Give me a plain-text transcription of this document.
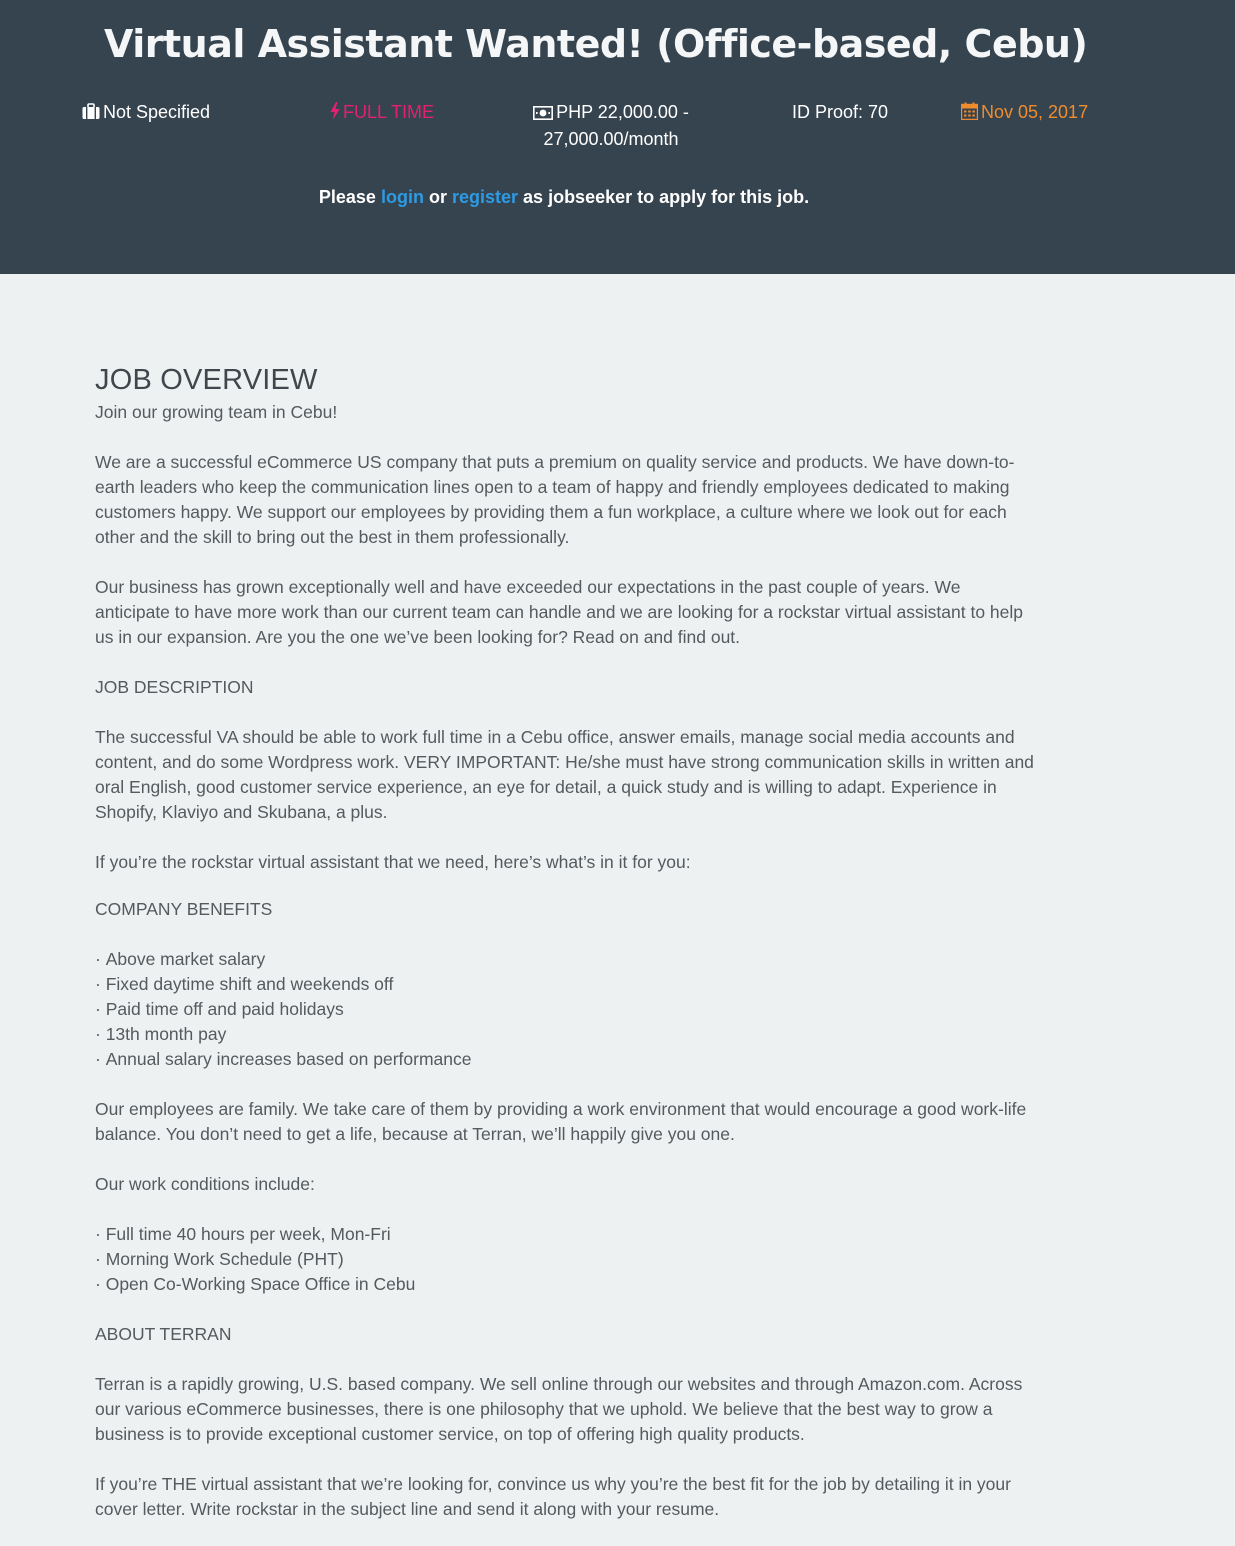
Virtual Assistant Wanted! (Office-based, Cebu)
Not Specified	FULL TIME	PHP 22,000.00 -
27,000.00/month
ID Proof: 70	Nov 05, 2017
Please login or register as jobseeker to apply for this job.
JOB OVERVIEW

Join our growing team in Cebu!

We are a successful eCommerce US company that puts a premium on quality service and products. We have down-to-earth leaders who keep the communication lines open to a team of happy and friendly employees dedicated to making customers happy. We support our employees by providing them a fun workplace, a culture where we look out for each other and the skill to bring out the best in them professionally.

Our business has grown exceptionally well and have exceeded our expectations in the past couple of years. We anticipate to have more work than our current team can handle and we are looking for a rockstar virtual assistant to help us in our expansion. Are you the one we’ve been looking for? Read on and find out.

JOB DESCRIPTION

The successful VA should be able to work full time in a Cebu office, answer emails, manage social media accounts and content, and do some Wordpress work. VERY IMPORTANT: He/she must have strong communication skills in written and oral English, good customer service experience, an eye for detail, a quick study and is willing to adapt. Experience in Shopify, Klaviyo and Skubana, a plus.

If you’re the rockstar virtual assistant that we need, here’s what’s in it for you:

COMPANY BENEFITS

· Above market salary
· Fixed daytime shift and weekends off
· Paid time off and paid holidays
· 13th month pay
· Annual salary increases based on performance

Our employees are family. We take care of them by providing a work environment that would encourage a good work-life balance. You don’t need to get a life, because at Terran, we’ll happily give you one.

Our work conditions include:

· Full time 40 hours per week, Mon-Fri
· Morning Work Schedule (PHT)
· Open Co-Working Space Office in Cebu

ABOUT TERRAN

Terran is a rapidly growing, U.S. based company. We sell online through our websites and through Amazon.com. Across our various eCommerce businesses, there is one philosophy that we uphold. We believe that the best way to grow a business is to provide exceptional customer service, on top of offering high quality products.

If you’re THE virtual assistant that we’re looking for, convince us why you’re the best fit for the job by detailing it in your cover letter. Write rockstar in the subject line and send it along with your resume.
